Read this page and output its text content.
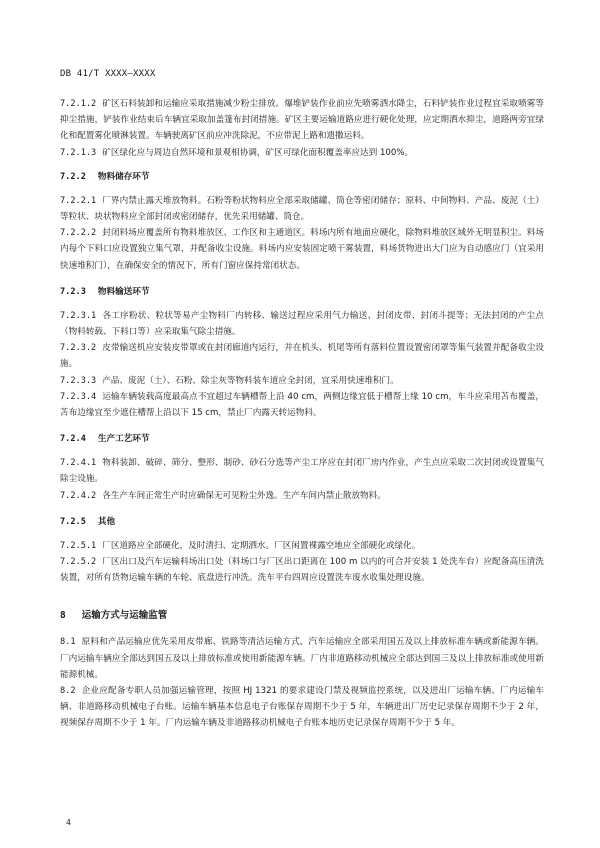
DB 41/T XXXX—XXXX

7.2.1.2 矿区石料装卸和运输应采取措施减少粉尘排放。爆堆铲装作业前应先喷雾洒水降尘，石料铲装作业过程宜采取喷雾等抑尘措施，铲装作业结束后车辆宜采取加盖篷布封闭措施。矿区主要运输道路应进行硬化处理，应定期洒水抑尘，道路两旁宜绿化和配置雾化喷淋装置。车辆驶离矿区前应冲洗除泥，不应带泥上路和遗撒运料。

7.2.1.3 矿区绿化应与周边自然环境和景观相协调，矿区可绿化面积覆盖率应达到 100%。

7.2.2 物料储存环节

7.2.2.1 厂界内禁止露天堆放物料。石粉等粉状物料应全部采取储罐、筒仓等密闭储存；原料、中间物料、产品、废泥（土）等粒状、块状物料应全部封闭或密闭储存，优先采用储罐、筒仓。

7.2.2.2 封闭料场应覆盖所有物料堆放区、工作区和主通道区。料场内所有地面应硬化，除物料堆放区域外无明显积尘。料场内每个下料口应设置独立集气罩，并配备收尘设施。料场内应安装固定喷干雾装置，料场货物进出大门应为自动感应门（宜采用快速堆积门），在确保安全的情况下，所有门窗应保持常闭状态。

7.2.3 物料输送环节

7.2.3.1 各工序粉状、粒状等易产尘物料厂内转移、输送过程应采用气力输送、封闭皮带、封闭斗提等；无法封闭的产尘点（物料转载、下料口等）应采取集气除尘措施。

7.2.3.2 皮带输送机应安装皮带罩或在封闭廊道内运行，并在机头、机尾等所有落料位置设置密闭罩等集气装置并配备收尘设施。

7.2.3.3 产品、废泥（土）、石粉、除尘灰等物料装车道应全封闭，宜采用快速堆积门。

7.2.3.4 运输车辆装载高度最高点不宜超过车辆槽帮上沿 40 cm，两侧边缘宜低于槽帮上缘 10 cm，车斗应采用苫布覆盖，苫布边缘宜至少遮住槽帮上沿以下 15 cm，禁止厂内露天转运物料。

7.2.4 生产工艺环节

7.2.4.1 物料装卸、破碎、筛分、整形、制砂、砂石分选等产尘工序应在封闭厂房内作业，产生点应采取二次封闭或设置集气除尘设施。

7.2.4.2 各生产车间正常生产时应确保无可见粉尘外逸。生产车间内禁止散放物料。

7.2.5 其他

7.2.5.1 厂区道路应全部硬化，及时清扫、定期洒水。厂区闲置裸露空地应全部硬化或绿化。

7.2.5.2 厂区出口及汽车运输料场出口处（料场口与厂区出口距离在 100 m 以内的可合并安装 1 处洗车台）应配备高压清洗装置，对所有货物运输车辆的车轮、底盘进行冲洗。洗车平台四周应设置洗车废水收集处理设施。

8 运输方式与运输监管

8.1 原料和产品运输应优先采用皮带廊、铁路等清洁运输方式，汽车运输应全部采用国五及以上排放标准车辆或新能源车辆。厂内运输车辆应全部达到国五及以上排放标准或使用新能源车辆。厂内非道路移动机械应全部达到国三及以上排放标准或使用新能源机械。

8.2 企业应配备专职人员加强运输管理，按照 HJ 1321 的要求建设门禁及视频监控系统，以及进出厂运输车辆、厂内运输车辆、非道路移动机械电子台账。运输车辆基本信息电子台账保存周期不少于 5 年，车辆进出厂历史记录保存周期不少于 2 年，视频保存周期不少于 1 年。厂内运输车辆及非道路移动机械电子台账本地历史记录保存周期不少于 5 年。

4
